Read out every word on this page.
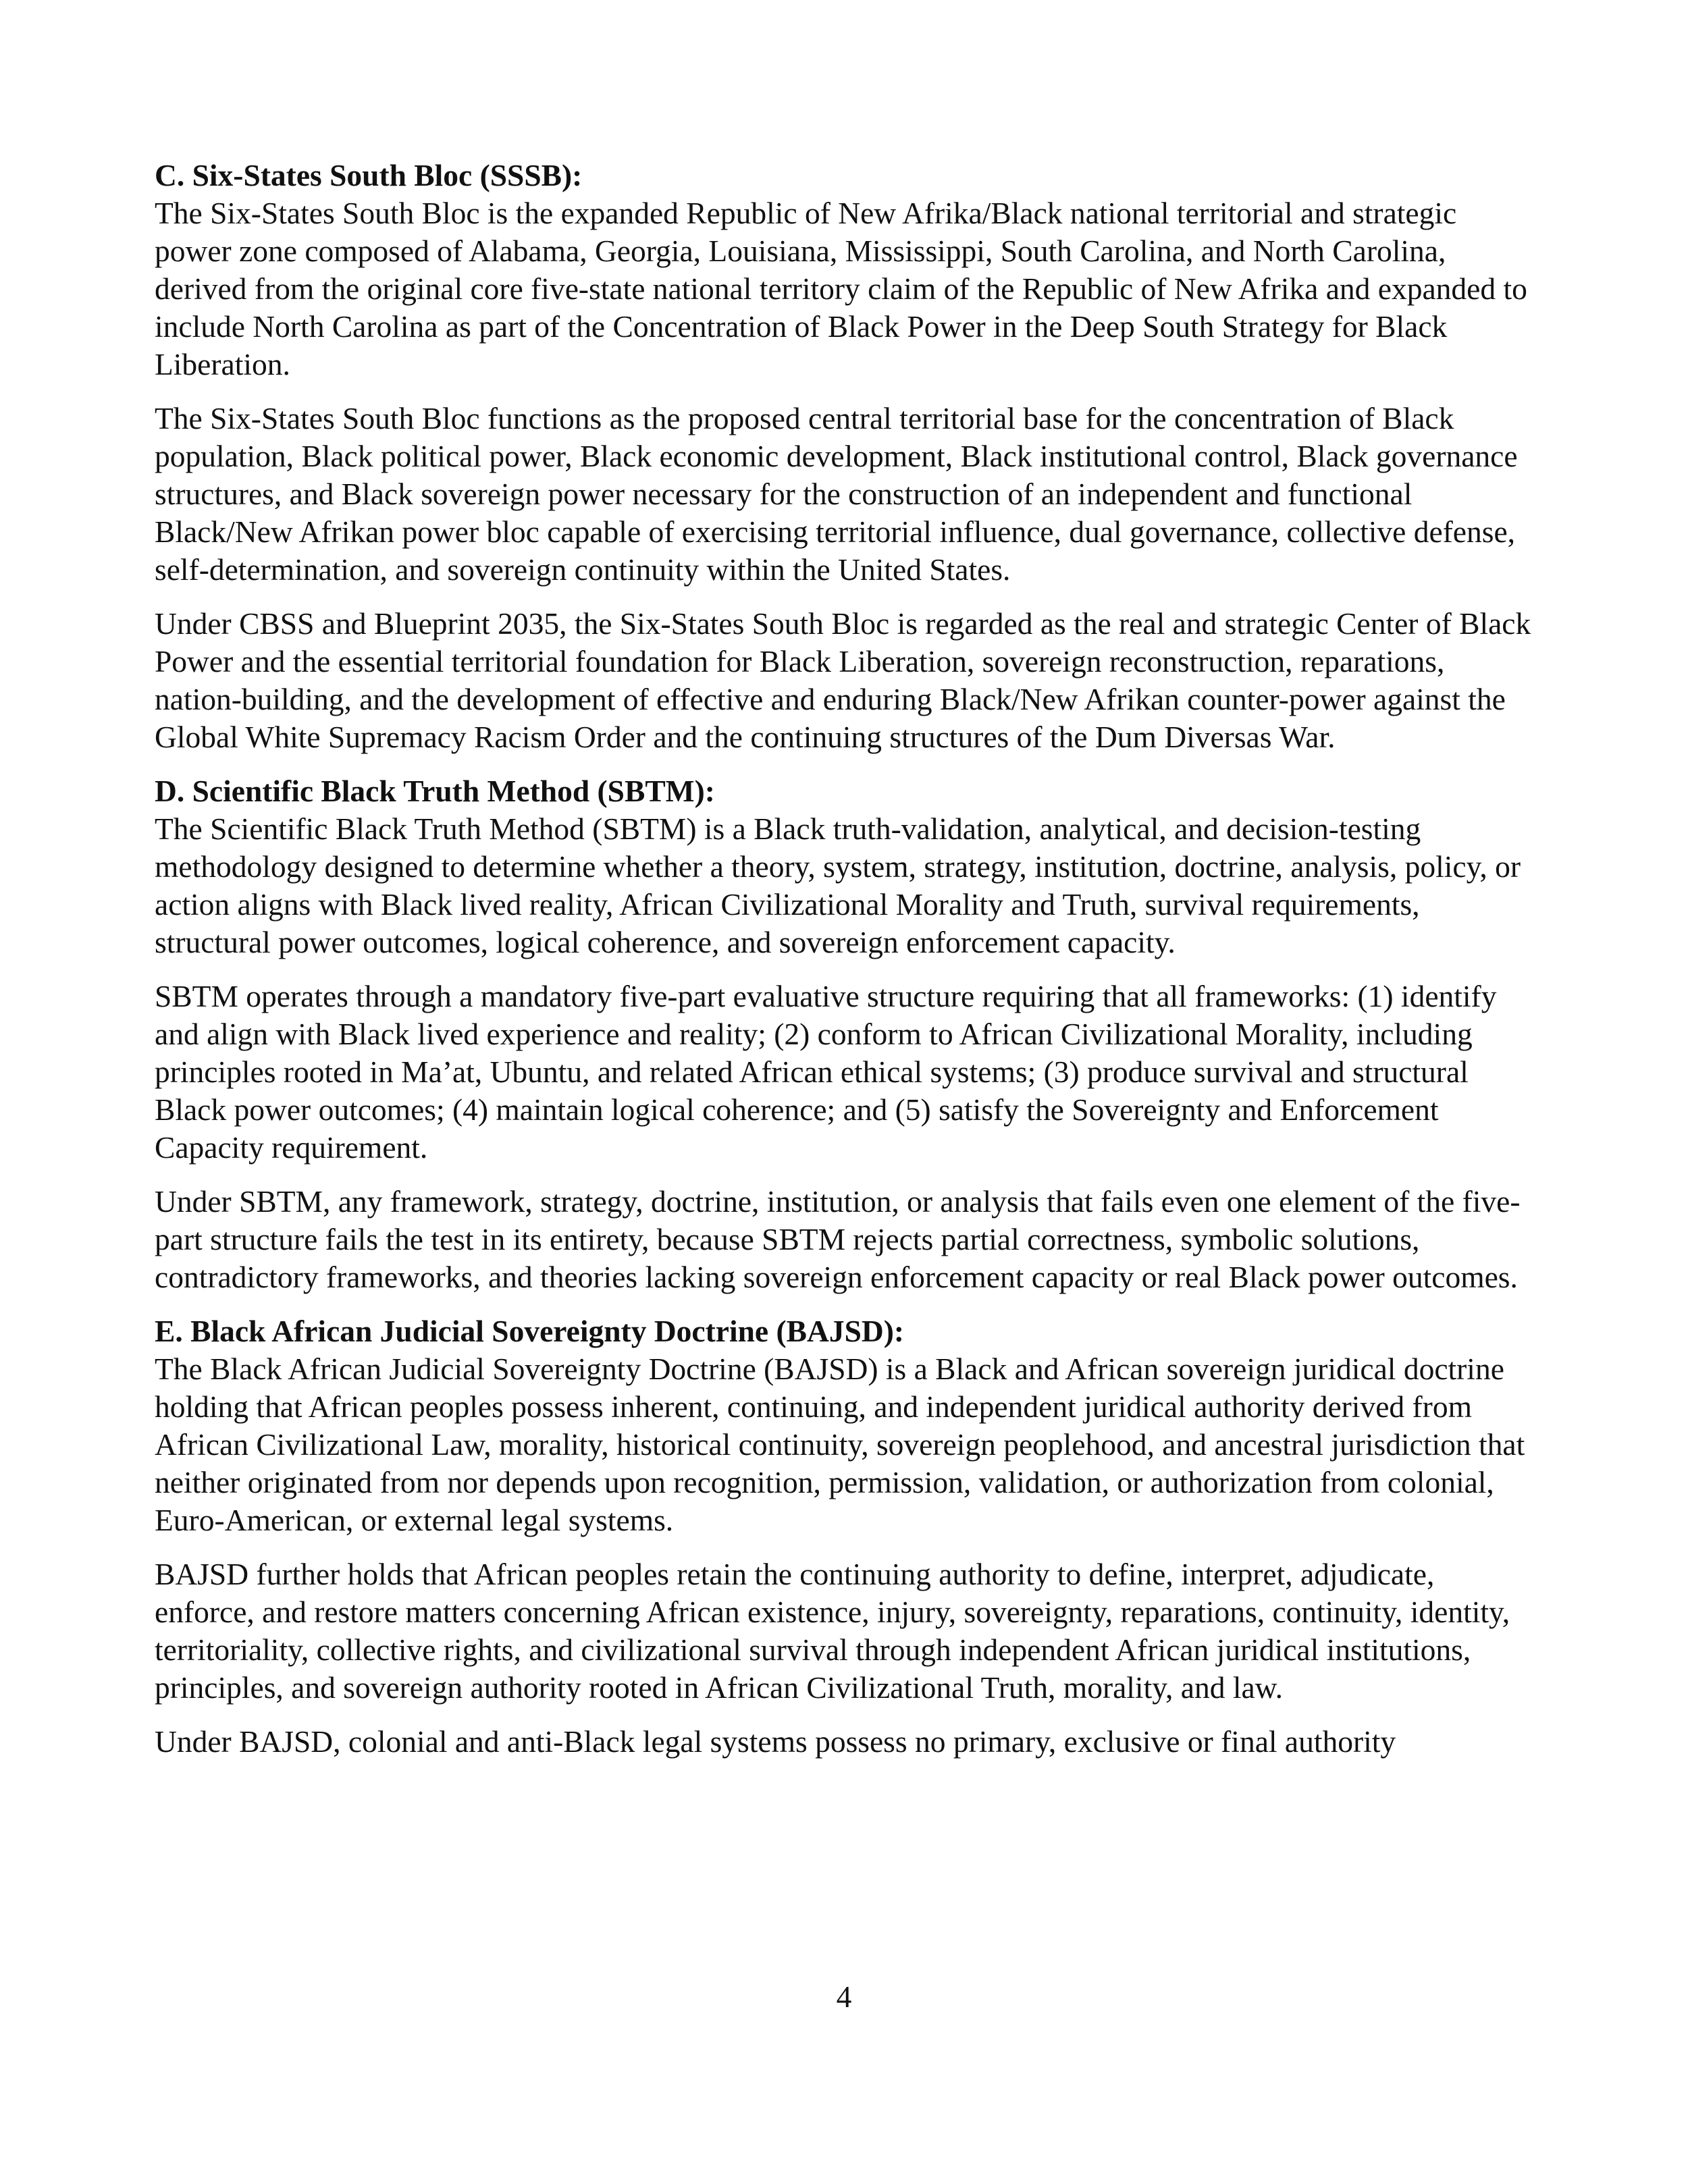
C. Six-States South Bloc (SSSB):

The Six-States South Bloc is the expanded Republic of New Afrika/Black national territorial and strategic power zone composed of Alabama, Georgia, Louisiana, Mississippi, South Carolina, and North Carolina, derived from the original core five-state national territory claim of the Republic of New Afrika and expanded to include North Carolina as part of the Concentration of Black Power in the Deep South Strategy for Black Liberation.

The Six-States South Bloc functions as the proposed central territorial base for the concentration of Black population, Black political power, Black economic development, Black institutional control, Black governance structures, and Black sovereign power necessary for the construction of an independent and functional Black/New Afrikan power bloc capable of exercising territorial influence, dual governance, collective defense, self-determination, and sovereign continuity within the United States.

Under CBSS and Blueprint 2035, the Six-States South Bloc is regarded as the real and strategic Center of Black Power and the essential territorial foundation for Black Liberation, sovereign reconstruction, reparations, nation-building, and the development of effective and enduring Black/New Afrikan counter-power against the Global White Supremacy Racism Order and the continuing structures of the Dum Diversas War.

D. Scientific Black Truth Method (SBTM):

The Scientific Black Truth Method (SBTM) is a Black truth-validation, analytical, and decision-testing methodology designed to determine whether a theory, system, strategy, institution, doctrine, analysis, policy, or action aligns with Black lived reality, African Civilizational Morality and Truth, survival requirements, structural power outcomes, logical coherence, and sovereign enforcement capacity.

SBTM operates through a mandatory five-part evaluative structure requiring that all frameworks: (1) identify and align with Black lived experience and reality; (2) conform to African Civilizational Morality, including principles rooted in Ma’at, Ubuntu, and related African ethical systems; (3) produce survival and structural Black power outcomes; (4) maintain logical coherence; and (5) satisfy the Sovereignty and Enforcement Capacity requirement.

Under SBTM, any framework, strategy, doctrine, institution, or analysis that fails even one element of the five-part structure fails the test in its entirety, because SBTM rejects partial correctness, symbolic solutions, contradictory frameworks, and theories lacking sovereign enforcement capacity or real Black power outcomes.

E. Black African Judicial Sovereignty Doctrine (BAJSD):

The Black African Judicial Sovereignty Doctrine (BAJSD) is a Black and African sovereign juridical doctrine holding that African peoples possess inherent, continuing, and independent juridical authority derived from African Civilizational Law, morality, historical continuity, sovereign peoplehood, and ancestral jurisdiction that neither originated from nor depends upon recognition, permission, validation, or authorization from colonial, Euro-American, or external legal systems.

BAJSD further holds that African peoples retain the continuing authority to define, interpret, adjudicate, enforce, and restore matters concerning African existence, injury, sovereignty, reparations, continuity, identity, territoriality, collective rights, and civilizational survival through independent African juridical institutions, principles, and sovereign authority rooted in African Civilizational Truth, morality, and law.

Under BAJSD, colonial and anti-Black legal systems possess no primary, exclusive or final authority

4
